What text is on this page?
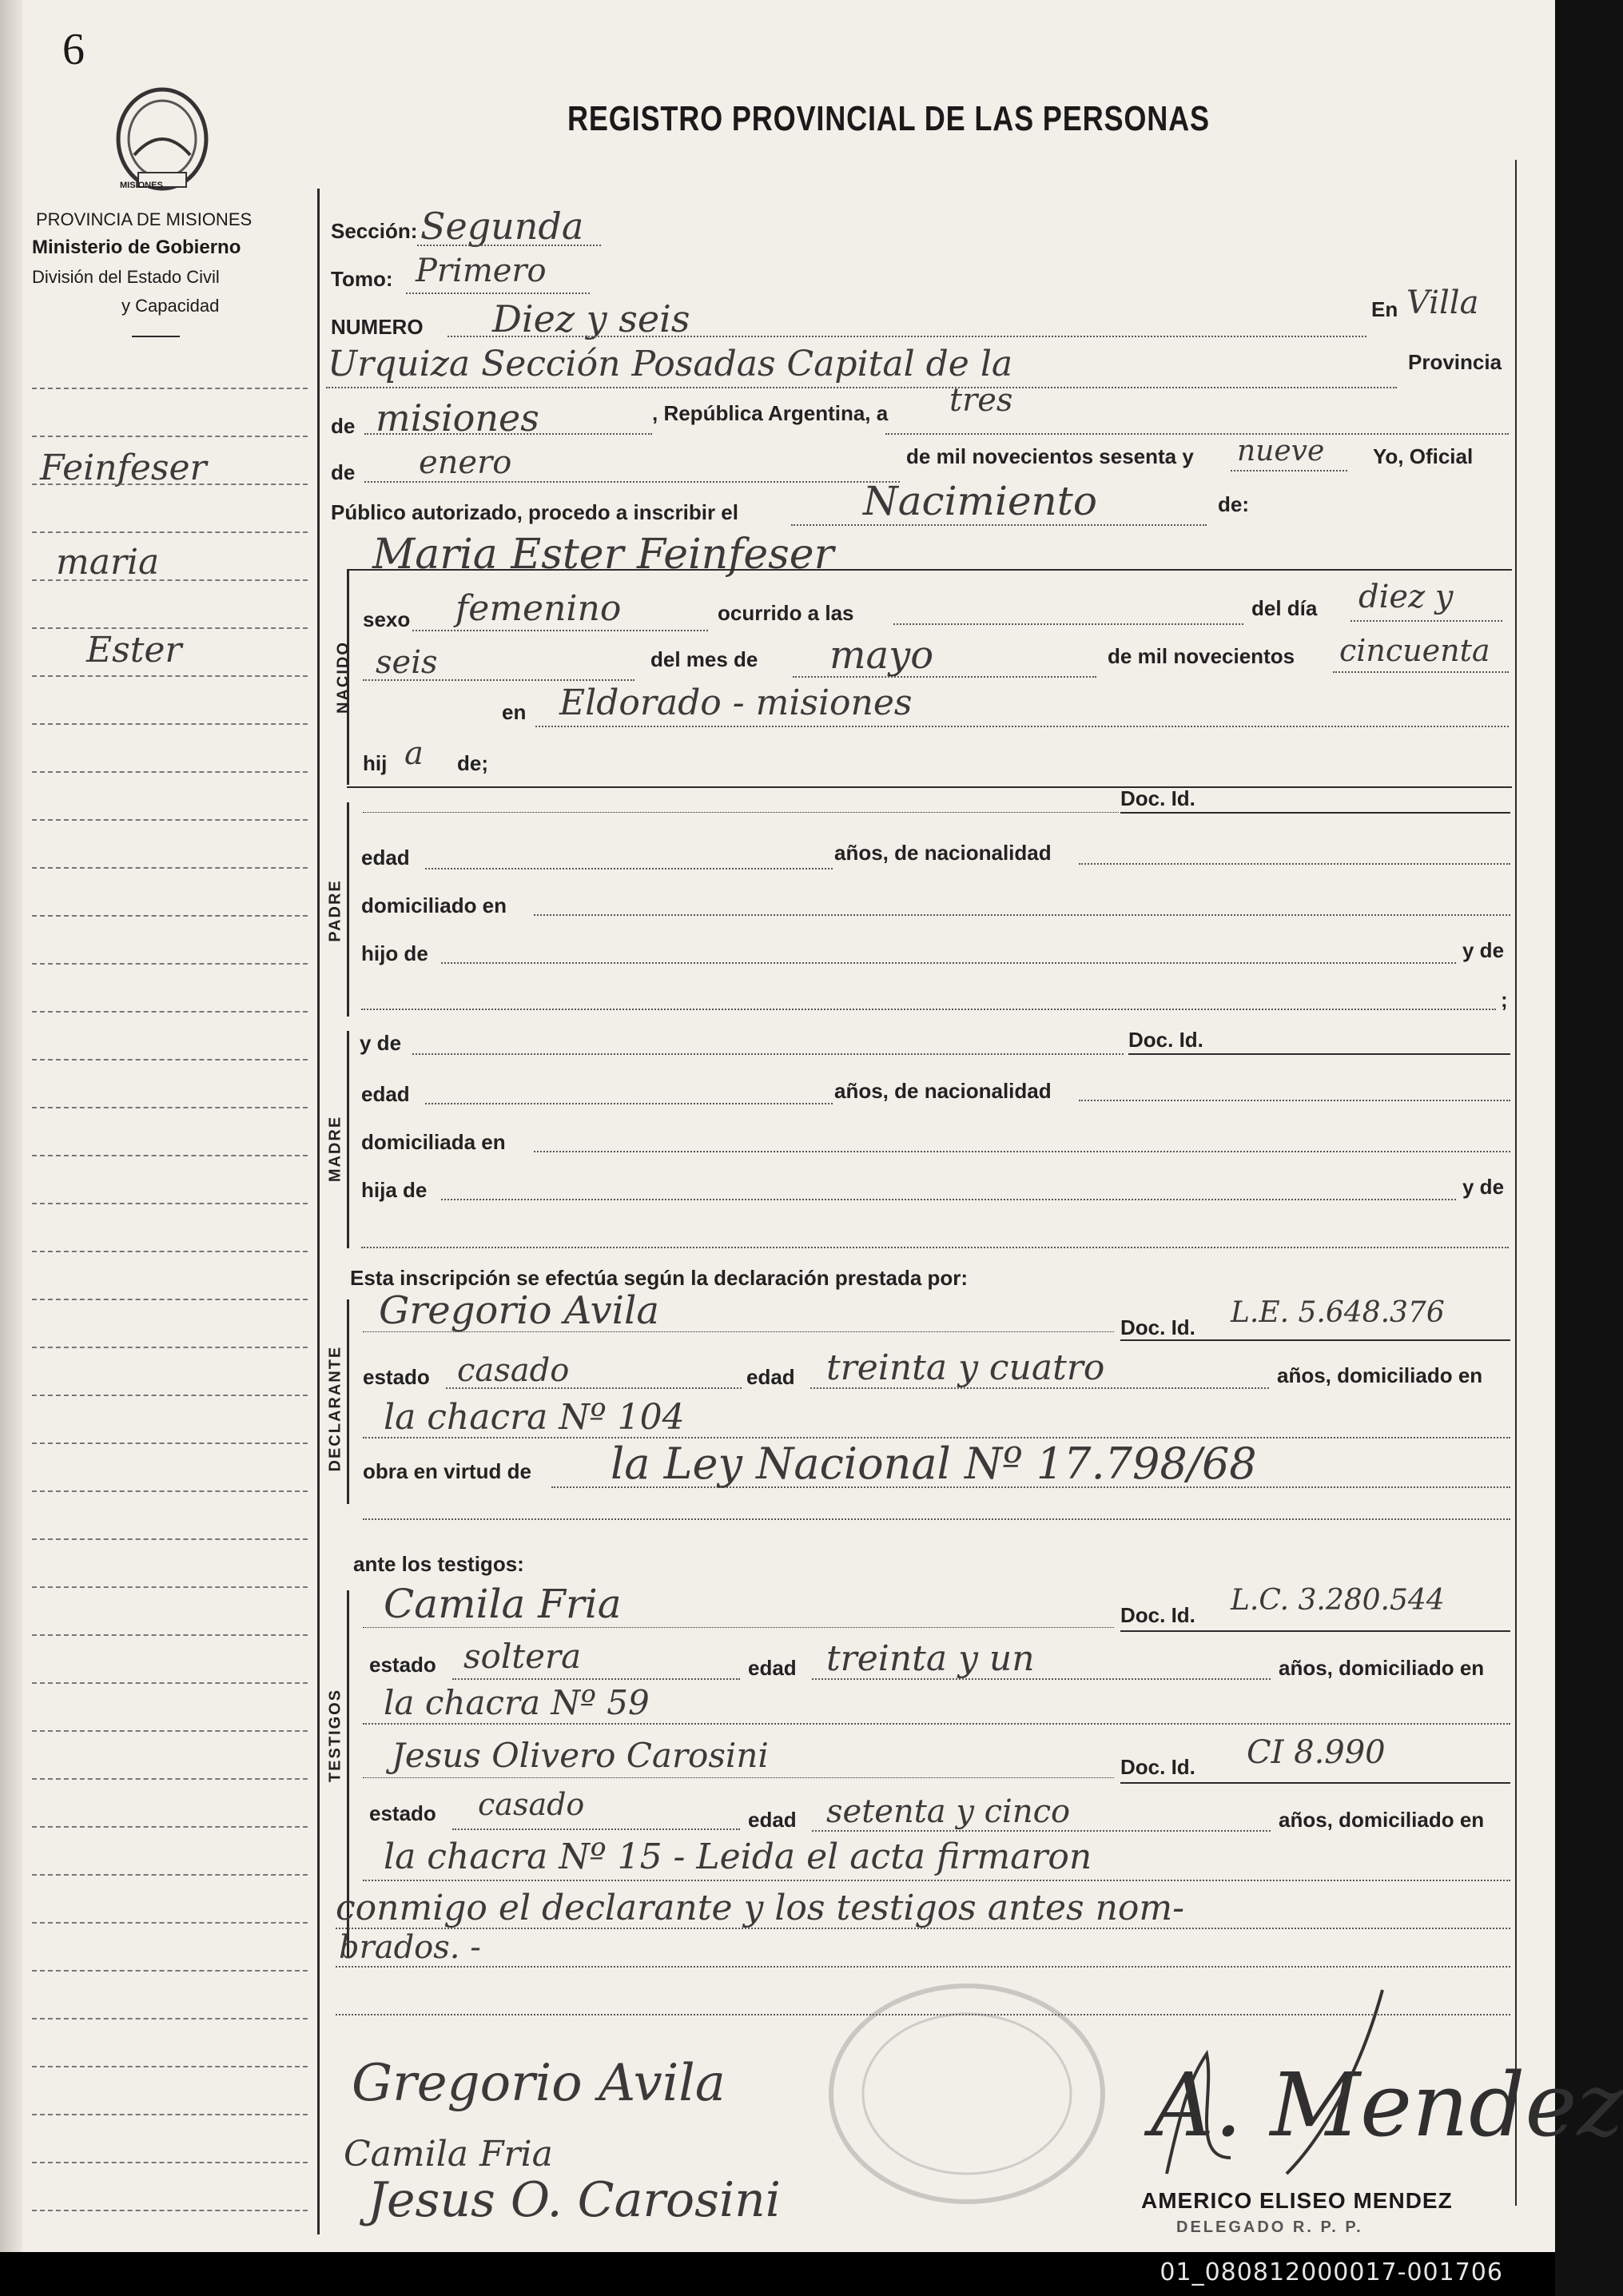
6
MISIONES
PROVINCIA DE MISIONES
Ministerio de Gobierno
División del Estado Civil
y Capacidad
Feinfeser
maria
Ester
REGISTRO PROVINCIAL DE LAS PERSONAS
Sección: Segunda
Tomo: Primero
NUMERO Diez y seis	En Villa
Urquiza Sección Posadas Capital de la	Provincia
de misiones	, República Argentina, a tres
de enero	de mil novecientos sesenta y nueve Yo, Oficial
Público autorizado, procedo a inscribir el	Nacimiento	de:
Maria Ester Feinfeser
NACIDO
sexo femenino	ocurrido a las	del día diez y
seis	del mes de mayo	de mil novecientos cincuenta
en Eldorado - misiones
hij a de;
PADRE
Doc. Id.
edad	años, de nacionalidad
domiciliado en
hijo de	y de
;
MADRE
y de	Doc. Id.
edad	años, de nacionalidad
domiciliada en
hija de	y de
Esta inscripción se efectúa según la declaración prestada por:
DECLARANTE
Gregorio Avila	Doc. Id. L.E. 5.648.376
estado casado	edad treinta y cuatro	años, domiciliado en
la chacra Nº 104
obra en virtud de la Ley Nacional Nº 17.798/68
ante los testigos:
TESTIGOS
Camila Fria	Doc. Id. L.C. 3.280.544
estado soltera	edad treinta y un	años, domiciliado en
la chacra Nº 59
Jesus Olivero Carosini	Doc. Id. CI 8.990
estado casado	edad setenta y cinco	años, domiciliado en
la chacra Nº 15 - Leida el acta firmaron
conmigo el declarante y los testigos antes nom-
brados. -
Gregorio Avila
Camila Fria
Jesus O. Carosini
A. Mendez
AMERICO ELISEO MENDEZ
DELEGADO R. P. P.
01_080812000017-001706
